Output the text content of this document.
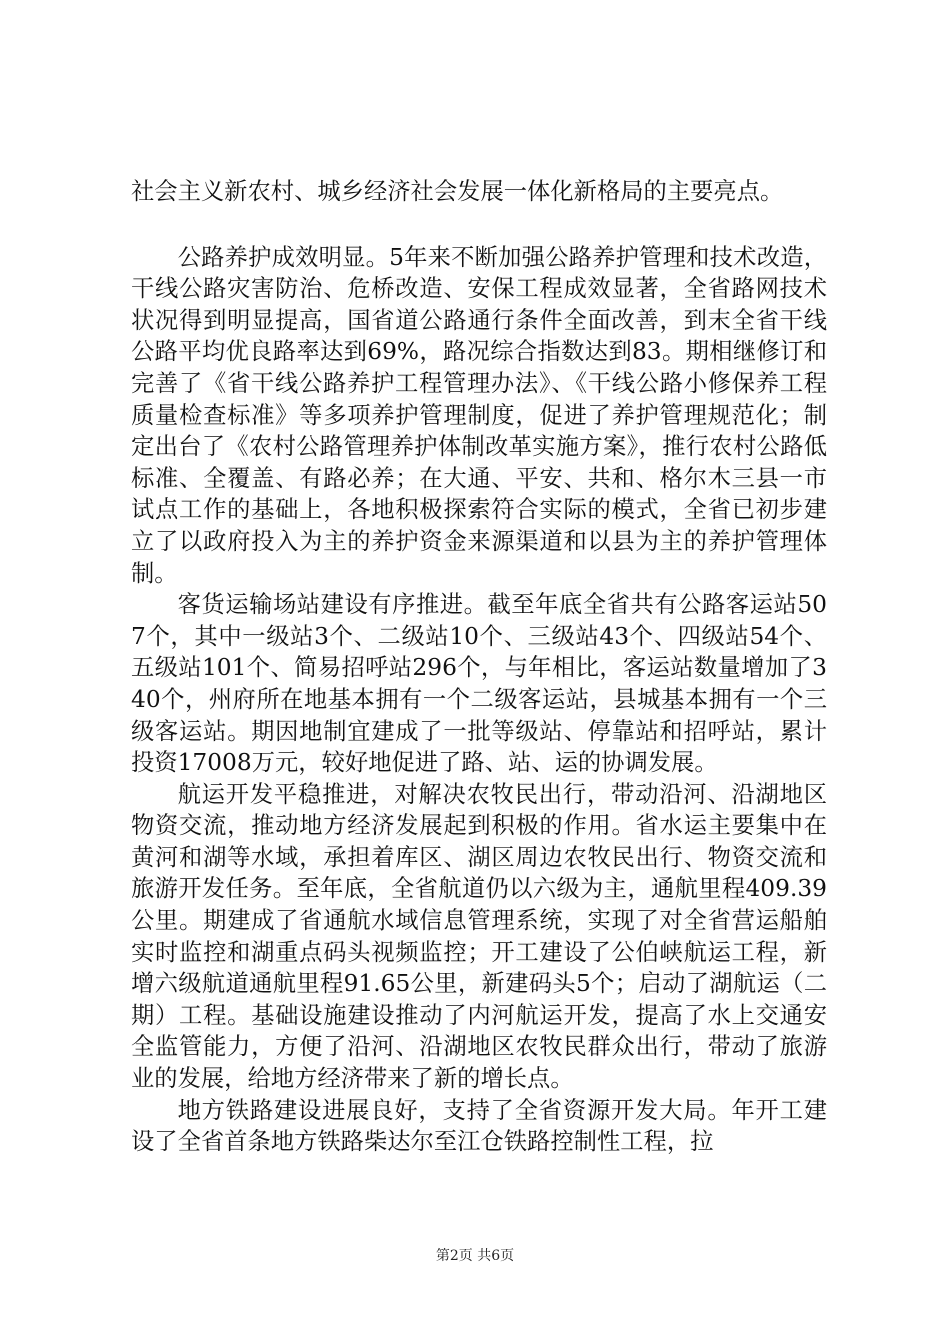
社会主义新农村、城乡经济社会发展一体化新格局的主要亮点。

公路养护成效明显。5年来不断加强公路养护管理和技术改造，干线公路灾害防治、危桥改造、安保工程成效显著，全省路网技术状况得到明显提高，国省道公路通行条件全面改善，到末全省干线公路平均优良路率达到69%，路况综合指数达到83。期相继修订和完善了《省干线公路养护工程管理办法》、《干线公路小修保养工程质量检查标准》等多项养护管理制度，促进了养护管理规范化；制定出台了《农村公路管理养护体制改革实施方案》，推行农村公路低标准、全覆盖、有路必养；在大通、平安、共和、格尔木三县一市试点工作的基础上，各地积极探索符合实际的模式，全省已初步建立了以政府投入为主的养护资金来源渠道和以县为主的养护管理体制。

客货运输场站建设有序推进。截至年底全省共有公路客运站507个，其中一级站3个、二级站10个、三级站43个、四级站54个、五级站101个、简易招呼站296个，与年相比，客运站数量增加了340个，州府所在地基本拥有一个二级客运站，县城基本拥有一个三级客运站。期因地制宜建成了一批等级站、停靠站和招呼站，累计投资17008万元，较好地促进了路、站、运的协调发展。

航运开发平稳推进，对解决农牧民出行，带动沿河、沿湖地区物资交流，推动地方经济发展起到积极的作用。省水运主要集中在黄河和湖等水域，承担着库区、湖区周边农牧民出行、物资交流和旅游开发任务。至年底，全省航道仍以六级为主，通航里程409.39公里。期建成了省通航水域信息管理系统，实现了对全省营运船舶实时监控和湖重点码头视频监控；开工建设了公伯峡航运工程，新增六级航道通航里程91.65公里，新建码头5个；启动了湖航运（二期）工程。基础设施建设推动了内河航运开发，提高了水上交通安全监管能力，方便了沿河、沿湖地区农牧民群众出行，带动了旅游业的发展，给地方经济带来了新的增长点。

地方铁路建设进展良好，支持了全省资源开发大局。年开工建设了全省首条地方铁路柴达尔至江仓铁路控制性工程，拉

第2页 共6页
